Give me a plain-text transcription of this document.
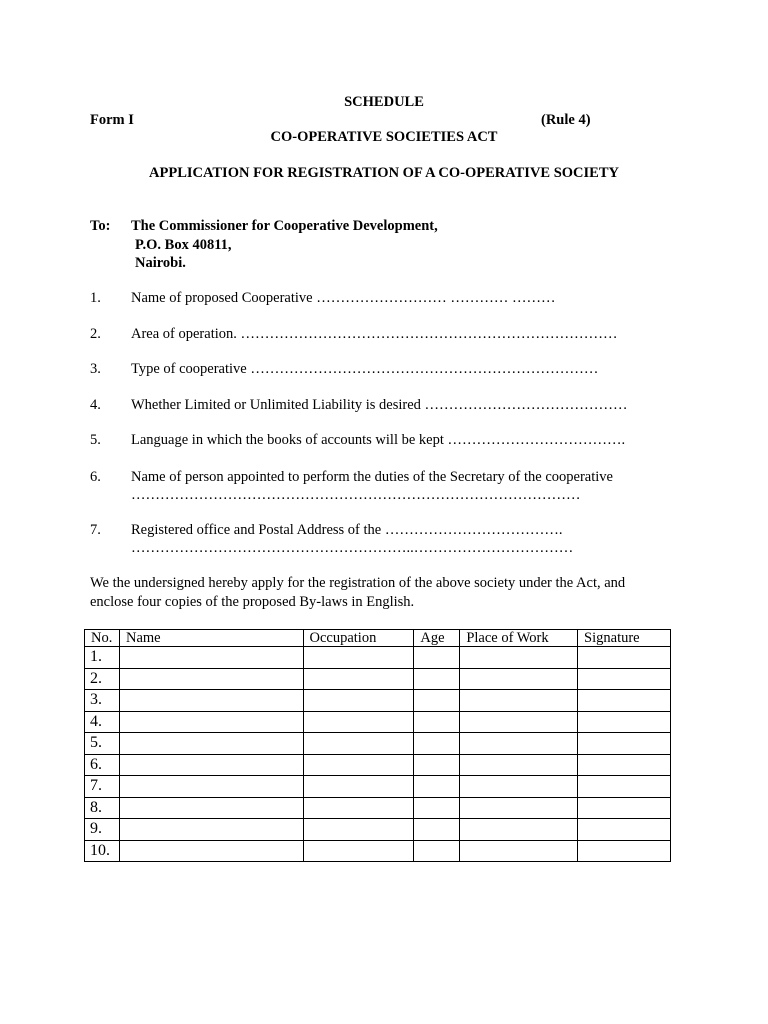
SCHEDULE
Form I	(Rule 4)
CO-OPERATIVE SOCIETIES ACT
APPLICATION FOR REGISTRATION OF A CO-OPERATIVE SOCIETY
To: The Commissioner for Cooperative Development,
P.O. Box 40811,
Nairobi.
1. Name of proposed Cooperative ……………………… ………… ………
2. Area of operation. ……………………………………………………………………
3. Type of cooperative ………………………………………………………………
4. Whether Limited or Unlimited Liability is desired ……………………………………
5. Language in which the books of accounts will be kept ……………………………….
6. Name of person appointed to perform the duties of the Secretary of the cooperative
…………………………………………………………………………………
7. Registered office and Postal Address of the ……………………………….
…………………………………………………..……………………………
We the undersigned hereby apply for the registration of the above society under the Act, and
enclose four copies of the proposed By-laws in English.
No.	Name	Occupation	Age	Place of Work	Signature
1.					
2.					
3.					
4.					
5.					
6.					
7.					
8.					
9.					
10.					
